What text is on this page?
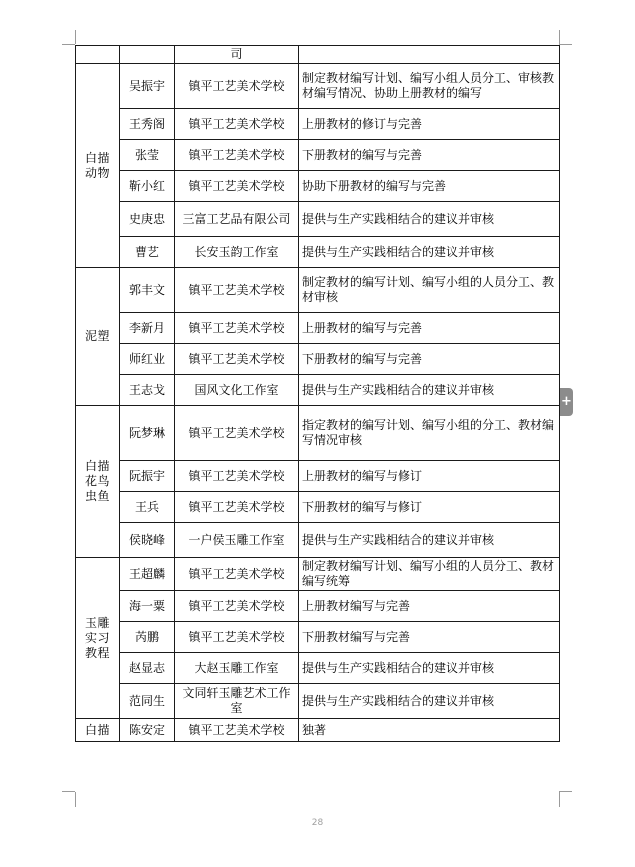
		司	

白描
动物	吴振宇	镇平工艺美术学校	制定教材编写计划、编写小组人员分工、审核教材编写情况、协助上册教材的编写
	王秀阁	镇平工艺美术学校	上册教材的修订与完善
	张莹	镇平工艺美术学校	下册教材的编写与完善
	靳小红	镇平工艺美术学校	协助下册教材的编写与完善
	史庚忠	三富工艺品有限公司	提供与生产实践相结合的建议并审核
	曹艺	长安玉韵工作室	提供与生产实践相结合的建议并审核

泥塑	郭丰文	镇平工艺美术学校	制定教材的编写计划、编写小组的人员分工、教材审核
	李新月	镇平工艺美术学校	上册教材的编写与完善
	师红业	镇平工艺美术学校	下册教材的编写与完善
	王志戈	国风文化工作室	提供与生产实践相结合的建议并审核

白描
花鸟
虫鱼	阮梦琳	镇平工艺美术学校	指定教材的编写计划、编写小组的分工、教材编写情况审核
	阮振宇	镇平工艺美术学校	上册教材的编写与修订
	王兵	镇平工艺美术学校	下册教材的编写与修订
	侯晓峰	一户侯玉雕工作室	提供与生产实践相结合的建议并审核

玉雕
实习
教程	王超麟	镇平工艺美术学校	制定教材编写计划、编写小组的人员分工、教材编写统筹
	海一粟	镇平工艺美术学校	上册教材编写与完善
	芮鹏	镇平工艺美术学校	下册教材编写与完善
	赵显志	大赵玉雕工作室	提供与生产实践相结合的建议并审核
	范同生	文同轩玉雕艺术工作室	提供与生产实践相结合的建议并审核

白描	陈安定	镇平工艺美术学校	独著
+
28
